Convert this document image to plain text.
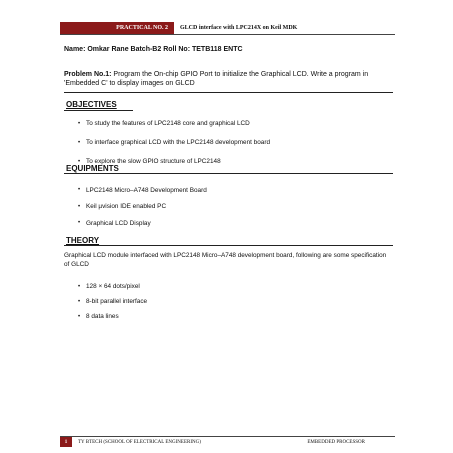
PRACTICAL NO. 2	GLCD interface with LPC214X on Keil MDK
Name: Omkar Rane Batch-B2 Roll No: TETB118 ENTC
Problem No.1: Program the On-chip GPIO Port to initialize the Graphical LCD. Write a program in 'Embedded C' to display images on GLCD
OBJECTIVES
• To study the features of LPC2148 core and graphical LCD
• To interface graphical LCD with the LPC2148 development board
• To explore the slow GPIO structure of LPC2148
EQUIPMENTS
• LPC2148 Micro–A748 Development Board
• Keil µvision IDE enabled PC
• Graphical LCD Display
THEORY
Graphical LCD module interfaced with LPC2148 Micro–A748 development board, following are some specification of GLCD
• 128 × 64 dots/pixel
• 8-bit parallel interface
• 8 data lines
1	TY BTECH (SCHOOL OF ELECTRICAL ENGINEERING)	EMBEDDED PROCESSOR
